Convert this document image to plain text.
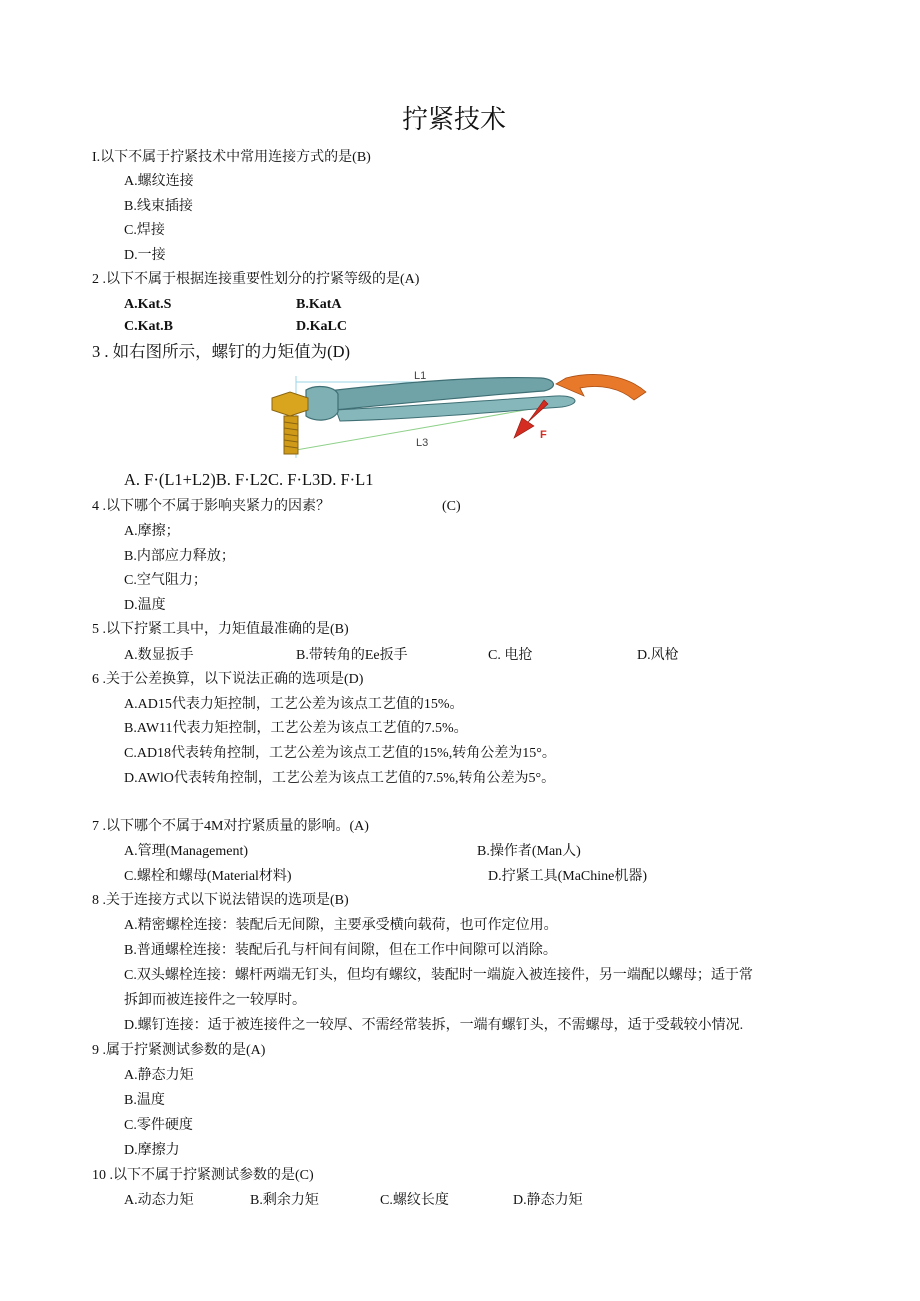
拧紧技术
I.以下不属于拧紧技术中常用连接方式的是(B)
A.螺纹连接
B.线束插接
C.焊接
D.一接
2 .以下不属于根据连接重要性划分的拧紧等级的是(A)
A.Kat.S	B.KatA
C.Kat.B	D.KaLC
3 . 如右图所示，螺钉的力矩值为(D)
L1
L3
F
A. F·(L1+L2)B. F·L2C. F·L3D. F·L1
4 .以下哪个不属于影响夹紧力的因素？	(C)
A.摩擦；
B.内部应力释放；
C.空气阻力；
D.温度
5 .以下拧紧工具中，力矩值最准确的是(B)
A.数显扳手	B.带转角的Ee扳手	C. 电抢	D.风枪
6 .关于公差换算，以下说法正确的选项是(D)
A.AD15代表力矩控制，工艺公差为该点工艺值的15%。
B.AW11代表力矩控制，工艺公差为该点工艺值的7.5%。
C.AD18代表转角控制，工艺公差为该点工艺值的15%,转角公差为15°。
D.AWlO代表转角控制，工艺公差为该点工艺值的7.5%,转角公差为5°。
7 .以下哪个不属于4M对拧紧质量的影响。(A)
A.管理(Management)	B.操作者(Man人)
C.螺栓和螺母(Material材料)	D.拧紧工具(MaChine机器)
8 .关于连接方式以下说法错误的选项是(B)
A.精密螺栓连接：装配后无间隙，主要承受横向载荷，也可作定位用。
B.普通螺栓连接：装配后孔与杆间有间隙，但在工作中间隙可以消除。
C.双头螺栓连接：螺杆两端无钉头，但均有螺纹，装配时一端旋入被连接件，另一端配以螺母；适于常
拆卸而被连接件之一较厚时。
D.螺钉连接：适于被连接件之一较厚、不需经常装拆，一端有螺钉头，不需螺母，适于受载较小情况.
9 .属于拧紧测试参数的是(A)
A.静态力矩
B.温度
C.零件硬度
D.摩擦力
10 .以下不属于拧紧测试参数的是(C)
A.动态力矩	B.剩余力矩	C.螺纹长度	D.静态力矩
